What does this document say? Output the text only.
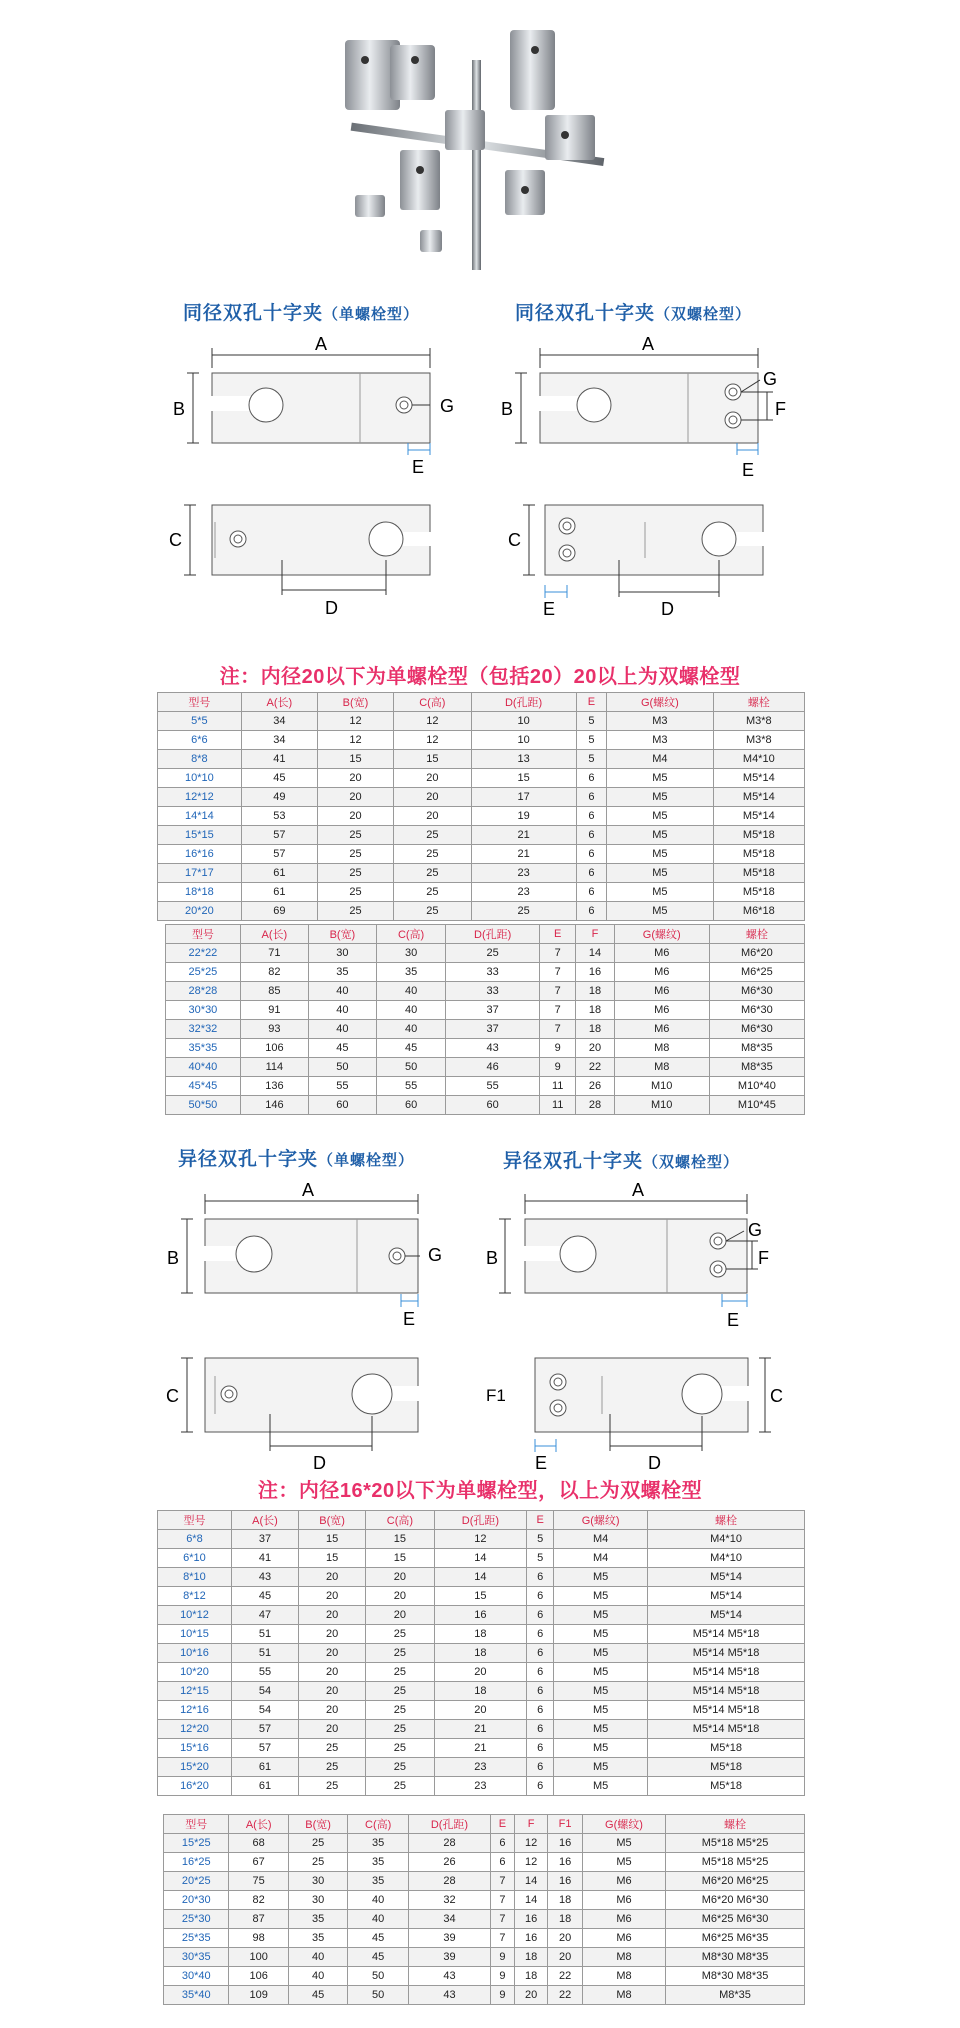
同径双孔十字夹（单螺栓型）	同径双孔十字夹（双螺栓型）
A
B
C
D
E
G
A
B
C
D
E
E
G
F
注：内径20以下为单螺栓型（包括20）20以上为双螺栓型
型号	A(长)	B(宽)	C(高)	D(孔距)	E	G(螺纹)	螺栓
5*5	34	12	12	10	5	M3	M3*8
6*6	34	12	12	10	5	M3	M3*8
8*8	41	15	15	13	5	M4	M4*10
10*10	45	20	20	15	6	M5	M5*14
12*12	49	20	20	17	6	M5	M5*14
14*14	53	20	20	19	6	M5	M5*14
15*15	57	25	25	21	6	M5	M5*18
16*16	57	25	25	21	6	M5	M5*18
17*17	61	25	25	23	6	M5	M5*18
18*18	61	25	25	23	6	M5	M5*18
20*20	69	25	25	25	6	M5	M6*18
型号	A(长)	B(宽)	C(高)	D(孔距)	E	F	G(螺纹)	螺栓
22*22	71	30	30	25	7	14	M6	M6*20
25*25	82	35	35	33	7	16	M6	M6*25
28*28	85	40	40	33	7	18	M6	M6*30
30*30	91	40	40	37	7	18	M6	M6*30
32*32	93	40	40	37	7	18	M6	M6*30
35*35	106	45	45	43	9	20	M8	M8*35
40*40	114	50	50	46	9	22	M8	M8*35
45*45	136	55	55	55	11	26	M10	M10*40
50*50	146	60	60	60	11	28	M10	M10*45
异径双孔十字夹（单螺栓型）	异径双孔十字夹（双螺栓型）
A
B
C
D
E
G
A
B
F1	C
D
E
E
G
F
注：内径16*20以下为单螺栓型，以上为双螺栓型
型号	A(长)	B(宽)	C(高)	D(孔距)	E	G(螺纹)	螺栓
6*8	37	15	15	12	5	M4	M4*10
6*10	41	15	15	14	5	M4	M4*10
8*10	43	20	20	14	6	M5	M5*14
8*12	45	20	20	15	6	M5	M5*14
10*12	47	20	20	16	6	M5	M5*14
10*15	51	20	25	18	6	M5	M5*14 M5*18
10*16	51	20	25	18	6	M5	M5*14 M5*18
10*20	55	20	25	20	6	M5	M5*14 M5*18
12*15	54	20	25	18	6	M5	M5*14 M5*18
12*16	54	20	25	20	6	M5	M5*14 M5*18
12*20	57	20	25	21	6	M5	M5*14 M5*18
15*16	57	25	25	21	6	M5	M5*18
15*20	61	25	25	23	6	M5	M5*18
16*20	61	25	25	23	6	M5	M5*18
型号	A(长)	B(宽)	C(高)	D(孔距)	E	F	F1	G(螺纹)	螺栓
15*25	68	25	35	28	6	12	16	M5	M5*18 M5*25
16*25	67	25	35	26	6	12	16	M5	M5*18 M5*25
20*25	75	30	35	28	7	14	16	M6	M6*20 M6*25
20*30	82	30	40	32	7	14	18	M6	M6*20 M6*30
25*30	87	35	40	34	7	16	18	M6	M6*25 M6*30
25*35	98	35	45	39	7	16	20	M6	M6*25 M6*35
30*35	100	40	45	39	9	18	20	M8	M8*30 M8*35
30*40	106	40	50	43	9	18	22	M8	M8*30 M8*35
35*40	109	45	50	43	9	20	22	M8	M8*35
